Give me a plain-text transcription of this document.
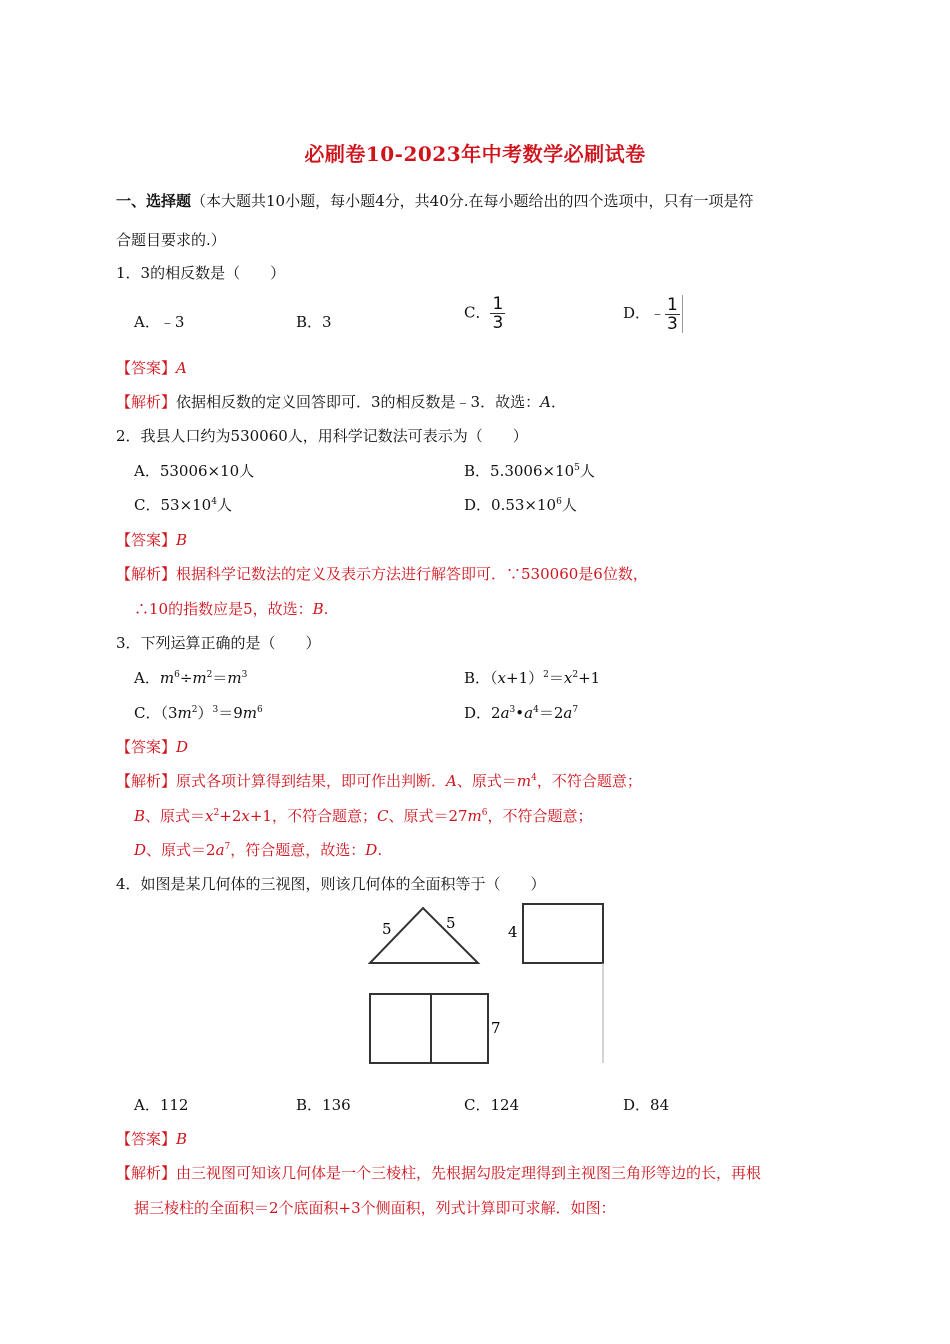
必刷卷10-2023年中考数学必刷试卷
一、选择题（本大题共10小题，每小题4分，共40分.在每小题给出的四个选项中，只有一项是符
合题目要求的.）
1．3的相反数是（　　）
A．﹣3	B．3
C． $\frac{1}{3}$	D．﹣ $\frac{1}{3}$
【答案】A
【解析】依据相反数的定义回答即可．3的相反数是﹣3．故选：A．
2．我县人口约为530060人，用科学记数法可表示为（　　）
A．53006×10人	B．$5.3006\times 10^5$人
C．$53\times 10^4$人	D．$0.53\times 10^6$人
【答案】B
【解析】根据科学记数法的定义及表示方法进行解答即可．∵530060是6位数，
∴10的指数应是5，故选：B.
3．下列运算正确的是（　　）
A．$m^6\div m^2=m^3$	B．$(x+1)^2=x^2+1$
C．$(3m^2)^3=9m^6$	D．$2a^3•a^4=2a^7$
【答案】D
【解析】原式各项计算得到结果，即可作出判断．A、原式$=m^4$，不符合题意；
B、原式$=x^2+2x+1$，不符合题意；C、原式$=27m^6$，不符合题意；
D、原式$=2a^7$，符合题意，故选：D.
4．如图是某几何体的三视图，则该几何体的全面积等于（　　）
5	5	4
7
A．112	B．136	C．124	D．84
【答案】B
【解析】由三视图可知该几何体是一个三棱柱，先根据勾股定理得到主视图三角形等边的长，再根
据三棱柱的全面积＝2个底面积+3个侧面积，列式计算即可求解．如图：
